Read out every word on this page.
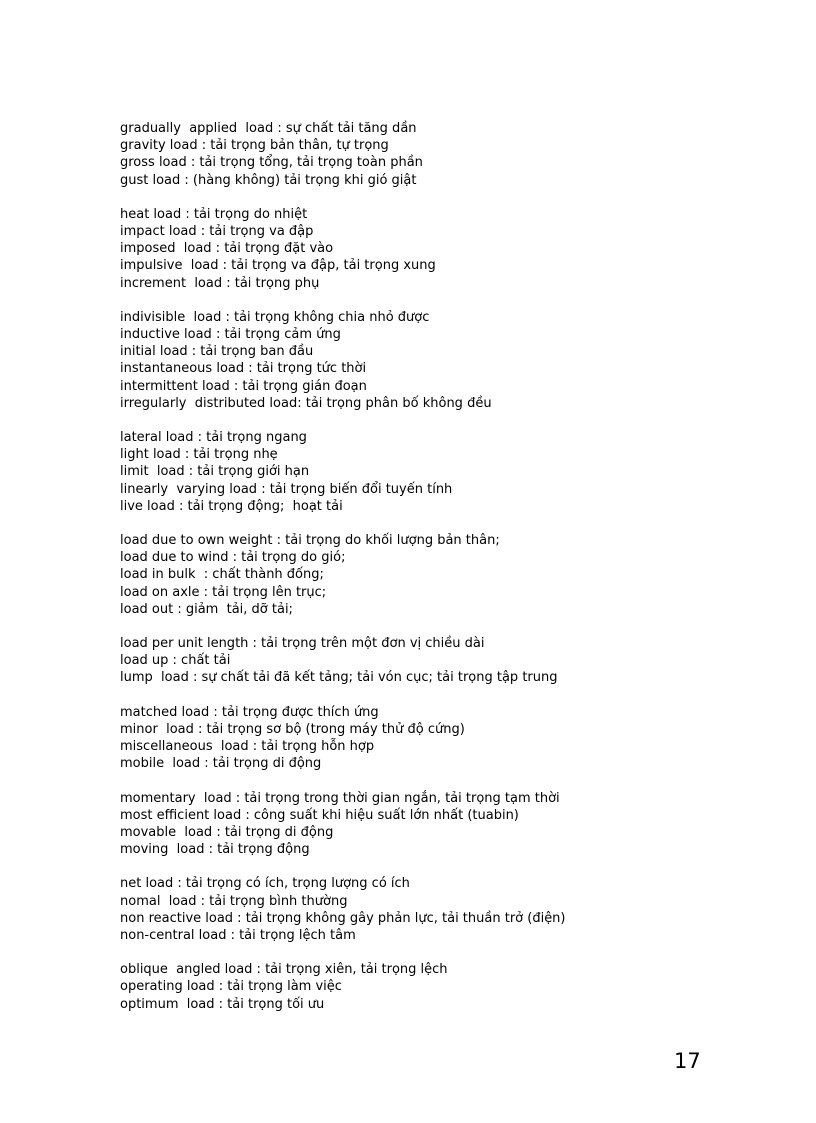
gradually  applied  load : sự chất tải tăng dần
gravity load : tải trọng bản thân, tự trọng
gross load : tải trọng tổng, tải trọng toàn phần
gust load : (hàng không) tải trọng khi gió giật
heat load : tải trọng do nhiệt
impact load : tải trọng va đập
imposed  load : tải trọng đặt vào
impulsive  load : tải trọng va đập, tải trọng xung
increment  load : tải trọng phụ
indivisible  load : tải trọng không chia nhỏ được
inductive load : tải trọng cảm ứng
initial load : tải trọng ban đầu
instantaneous load : tải trọng tức thời
intermittent load : tải trọng gián đoạn
irregularly  distributed load: tải trọng phân bố không đều
lateral load : tải trọng ngang
light load : tải trọng nhẹ
limit  load : tải trọng giới hạn
linearly  varying load : tải trọng biến đổi tuyến tính
live load : tải trọng động;  hoạt tải
load due to own weight : tải trọng do khối lượng bản thân;
load due to wind : tải trọng do gió;
load in bulk  : chất thành đống;
load on axle : tải trọng lên trục;
load out : giảm  tải, dỡ tải;
load per unit length : tải trọng trên một đơn vị chiều dài
load up : chất tải
lump  load : sự chất tải đã kết tảng; tải vón cục; tải trọng tập trung
matched load : tải trọng được thích ứng
minor  load : tải trọng sơ bộ (trong máy thử độ cứng)
miscellaneous  load : tải trọng hỗn hợp
mobile  load : tải trọng di động
momentary  load : tải trọng trong thời gian ngắn, tải trọng tạm thời
most efficient load : công suất khi hiệu suất lớn nhất (tuabin)
movable  load : tải trọng di động
moving  load : tải trọng động
net load : tải trọng có ích, trọng lượng có ích
nomal  load : tải trọng bình thường
non reactive load : tải trọng không gây phản lực, tải thuần trở (điện)
non-central load : tải trọng lệch tâm
oblique  angled load : tải trọng xiên, tải trọng lệch
operating load : tải trọng làm việc
optimum  load : tải trọng tối ưu
17
